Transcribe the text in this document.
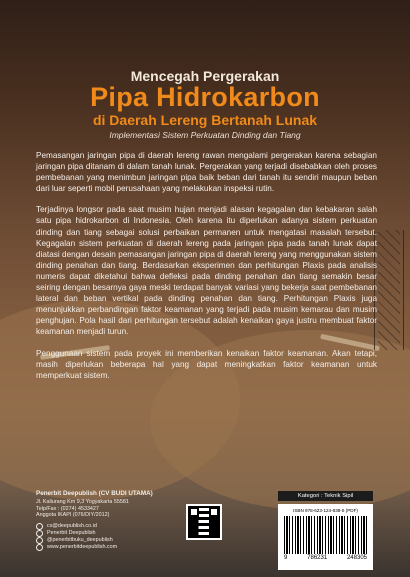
Mencegah Pergerakan
Pipa Hidrokarbon
di Daerah Lereng Bertanah Lunak
Implementasi Sistem Perkuatan Dinding dan Tiang

Pemasangan jaringan pipa di daerah lereng rawan mengalami pergerakan karena sebagian jaringan pipa ditanam di dalam tanah lunak. Pergerakan yang terjadi disebabkan oleh proses pembebanan yang menimbun jaringan pipa baik beban dari tanah itu sendiri maupun beban dari luar seperti mobil perusahaan yang melakukan inspeksi rutin.

Terjadinya longsor pada saat musim hujan menjadi alasan kegagalan dan kebakaran salah satu pipa hidrokarbon di Indonesia. Oleh karena itu diperlukan adanya sistem perkuatan dinding dan tiang sebagai solusi perbaikan permanen untuk mengatasi masalah tersebut. Kegagalan sistem perkuatan di daerah lereng pada jaringan pipa pada tanah lunak dapat diatasi dengan desain pemasangan jaringan pipa di daerah lereng yang menggunakan sistem dinding penahan dan tiang. Berdasarkan eksperimen dan perhitungan Plaxis pada analisis numeris dapat diketahui bahwa defleksi pada dinding penahan dan tiang semakin besar seiring dengan besarnya gaya meski terdapat banyak variasi yang bekerja saat pembebanan lateral dan beban vertikal pada dinding penahan dan tiang. Perhitungan Plaxis juga menunjukkan perbandingan faktor keamanan yang terjadi pada musim kemarau dan musim penghujan. Pola hasil dari perhitungan tersebut adalah kenaikan gaya justru membuat faktor keamanan menjadi turun.

Penggunaan sistem pada proyek ini memberikan kenaikan faktor keamanan. Akan tetapi, masih diperlukan beberapa hal yang dapat meningkatkan faktor keamanan untuk memperkuat sistem.

Penerbit Deepublish (CV BUDI UTAMA)
Jl. Kaliurang Km 9,3 Yogyakarta 55581
Telp/Fax : (0274) 4533427
Anggota IKAPI (076/DIY/2012)
cs@deepublish.co.id
Penerbit Deepublish
@penerbitbuku_deepublish
www.penerbitdeepublish.com
Kategori : Teknik Sipil
ISBN 978-623-124-838-5 (PDF)
9	786231	248305
